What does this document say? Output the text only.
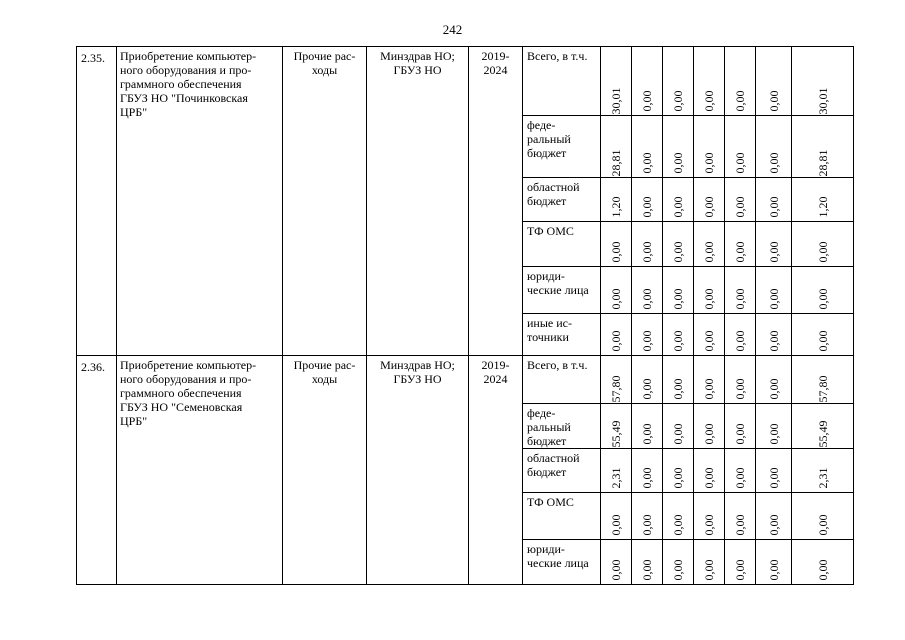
242
2.35.	Приобретение компьютер-
ного оборудования и про-
граммного обеспечения
ГБУЗ НО "Починковская
ЦРБ"	Прочие рас-
ходы	Минздрав НО;
ГБУЗ НО	2019-
2024	Всего, в т.ч.	30,01	0,00	0,00	0,00	0,00	0,00	30,01

					феде-
ральный
бюджет	28,81	0,00	0,00	0,00	0,00	0,00	28,81

					областной
бюджет	1,20	0,00	0,00	0,00	0,00	0,00	1,20

					ТФ ОМС	0,00	0,00	0,00	0,00	0,00	0,00	0,00

					юриди-
ческие лица	0,00	0,00	0,00	0,00	0,00	0,00	0,00

					иные ис-
точники	0,00	0,00	0,00	0,00	0,00	0,00	0,00

2.36.	Приобретение компьютер-
ного оборудования и про-
граммного обеспечения
ГБУЗ НО "Семеновская
ЦРБ"	Прочие рас-
ходы	Минздрав НО;
ГБУЗ НО	2019-
2024	Всего, в т.ч.	57,80	0,00	0,00	0,00	0,00	0,00	57,80

					феде-
ральный
бюджет	55,49	0,00	0,00	0,00	0,00	0,00	55,49

					областной
бюджет	2,31	0,00	0,00	0,00	0,00	0,00	2,31

					ТФ ОМС	0,00	0,00	0,00	0,00	0,00	0,00	0,00

					юриди-
ческие лица	0,00	0,00	0,00	0,00	0,00	0,00	0,00
